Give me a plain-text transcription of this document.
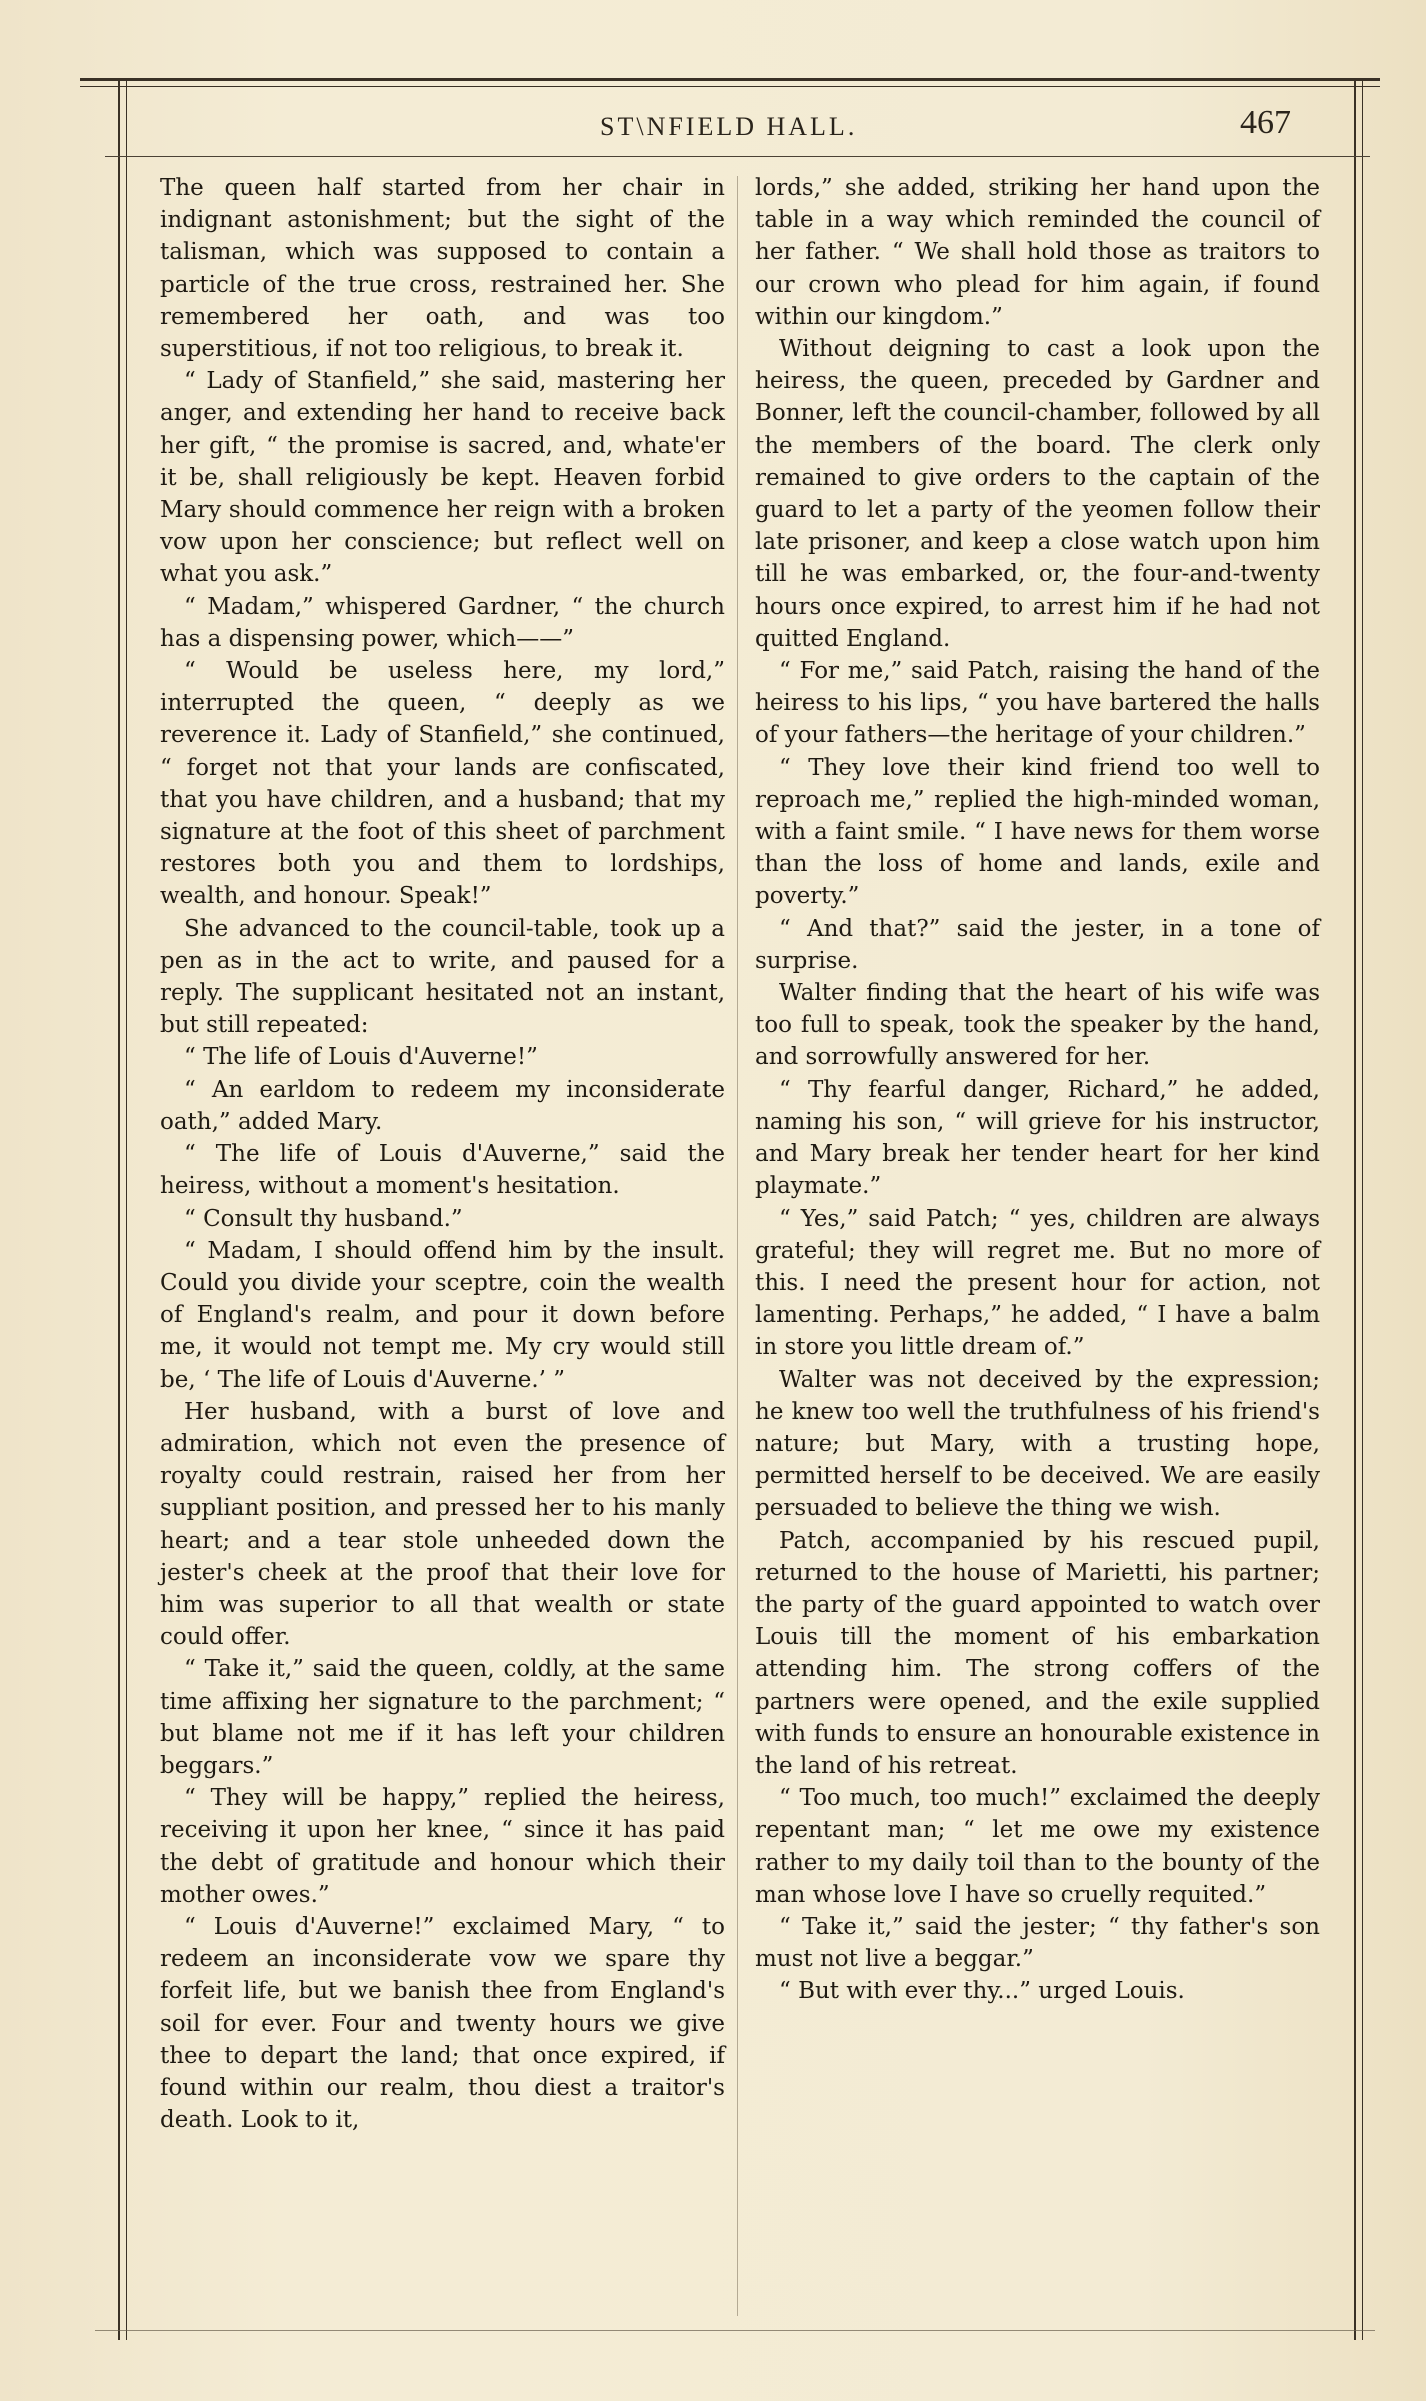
ST\NFIELD HALL.	467

The queen half started from her chair in indignant astonishment; but the sight of the talisman, which was supposed to contain a particle of the true cross, restrained her. She remembered her oath, and was too superstitious, if not too religious, to break it.

“ Lady of Stanfield,” she said, mastering her anger, and extending her hand to receive back her gift, “ the promise is sacred, and, whate'er it be, shall religiously be kept. Heaven forbid Mary should commence her reign with a broken vow upon her conscience; but reflect well on what you ask.”

“ Madam,” whispered Gardner, “ the church has a dispensing power, which——”

“ Would be useless here, my lord,” interrupted the queen, “ deeply as we reverence it. Lady of Stanfield,” she continued, “ forget not that your lands are confiscated, that you have children, and a husband; that my signature at the foot of this sheet of parchment restores both you and them to lordships, wealth, and honour. Speak!”

She advanced to the council-table, took up a pen as in the act to write, and paused for a reply. The supplicant hesitated not an instant, but still repeated:

“ The life of Louis d'Auverne!”

“ An earldom to redeem my inconsiderate oath,” added Mary.

“ The life of Louis d'Auverne,” said the heiress, without a moment's hesitation.

“ Consult thy husband.”

“ Madam, I should offend him by the insult. Could you divide your sceptre, coin the wealth of England's realm, and pour it down before me, it would not tempt me. My cry would still be, ‘ The life of Louis d'Auverne.’ ”

Her husband, with a burst of love and admiration, which not even the presence of royalty could restrain, raised her from her suppliant position, and pressed her to his manly heart; and a tear stole unheeded down the jester's cheek at the proof that their love for him was superior to all that wealth or state could offer.

“ Take it,” said the queen, coldly, at the same time affixing her signature to the parchment; “ but blame not me if it has left your children beggars.”

“ They will be happy,” replied the heiress, receiving it upon her knee, “ since it has paid the debt of gratitude and honour which their mother owes.”

“ Louis d'Auverne!” exclaimed Mary, “ to redeem an inconsiderate vow we spare thy forfeit life, but we banish thee from England's soil for ever. Four and twenty hours we give thee to depart the land; that once expired, if found within our realm, thou diest a traitor's death. Look to it,

lords,” she added, striking her hand upon the table in a way which reminded the council of her father. “ We shall hold those as traitors to our crown who plead for him again, if found within our kingdom.”

Without deigning to cast a look upon the heiress, the queen, preceded by Gardner and Bonner, left the council-chamber, followed by all the members of the board. The clerk only remained to give orders to the captain of the guard to let a party of the yeomen follow their late prisoner, and keep a close watch upon him till he was embarked, or, the four-and-twenty hours once expired, to arrest him if he had not quitted England.

“ For me,” said Patch, raising the hand of the heiress to his lips, “ you have bartered the halls of your fathers—the heritage of your children.”

“ They love their kind friend too well to reproach me,” replied the high-minded woman, with a faint smile. “ I have news for them worse than the loss of home and lands, exile and poverty.”

“ And that?” said the jester, in a tone of surprise.

Walter finding that the heart of his wife was too full to speak, took the speaker by the hand, and sorrowfully answered for her.

“ Thy fearful danger, Richard,” he added, naming his son, “ will grieve for his instructor, and Mary break her tender heart for her kind playmate.”

“ Yes,” said Patch; “ yes, children are always grateful; they will regret me. But no more of this. I need the present hour for action, not lamenting. Perhaps,” he added, “ I have a balm in store you little dream of.”

Walter was not deceived by the expression; he knew too well the truthfulness of his friend's nature; but Mary, with a trusting hope, permitted herself to be deceived. We are easily persuaded to believe the thing we wish.

Patch, accompanied by his rescued pupil, returned to the house of Marietti, his partner; the party of the guard appointed to watch over Louis till the moment of his embarkation attending him. The strong coffers of the partners were opened, and the exile supplied with funds to ensure an honourable existence in the land of his retreat.

“ Too much, too much!” exclaimed the deeply repentant man; “ let me owe my existence rather to my daily toil than to the bounty of the man whose love I have so cruelly requited.”

“ Take it,” said the jester; “ thy father's son must not live a beggar.”

“ But with ever thy...” urged Louis.
